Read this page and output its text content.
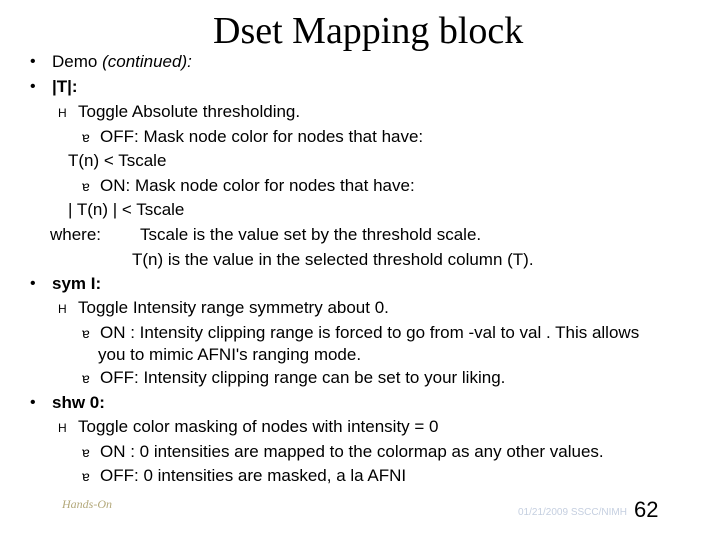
Dset Mapping block
• Demo (continued):
• |T|:
H Toggle Absolute thresholding.
ɐ OFF: Mask node color for nodes that have:
T(n) < Tscale
ɐ ON: Mask node color for nodes that have:
| T(n) | < Tscale
where: Tscale is the value set by the threshold scale.
T(n) is the value in the selected threshold column (T).
• sym I:
H Toggle Intensity range symmetry about 0.
ɐ ON : Intensity clipping range is forced to go from -val to val . This allows
you to mimic AFNI's ranging mode.
ɐ OFF: Intensity clipping range can be set to your liking.
• shw 0:
H Toggle color masking of nodes with intensity = 0
ɐ ON : 0 intensities are mapped to the colormap as any other values.
ɐ OFF: 0 intensities are masked, a la AFNI
Hands-On
01/21/2009 SSCC/NIMH 62
